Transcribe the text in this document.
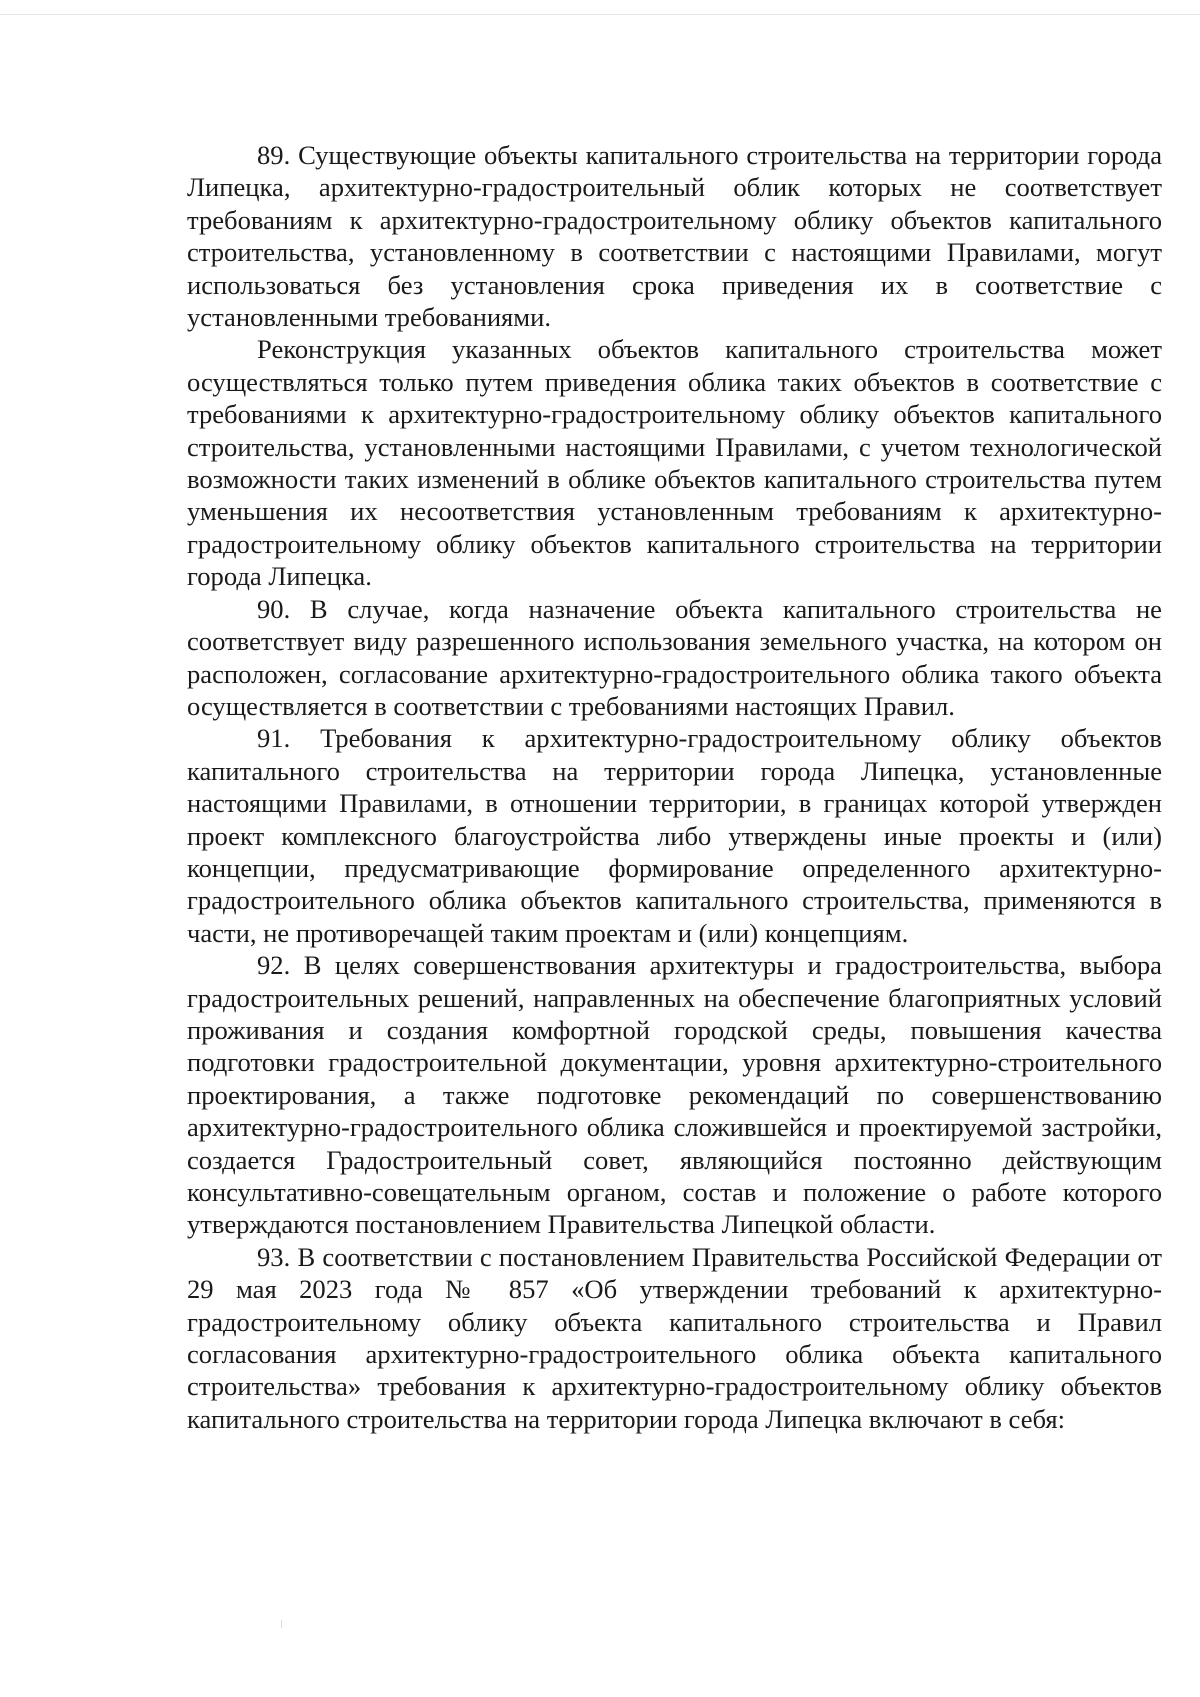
89. Существующие объекты капитального строительства на территории города Липецка, архитектурно-градостроительный облик которых не соответствует требованиям к архитектурно-градостроительному облику объектов капитального строительства, установленному в соответствии с настоящими Правилами, могут использоваться без установления срока приведения их в соответствие с установленными требованиями.

Реконструкция указанных объектов капитального строительства может осуществляться только путем приведения облика таких объектов в соответствие с требованиями к архитектурно-градостроительному облику объектов капитального строительства, установленными настоящими Правилами, с учетом технологической возможности таких изменений в облике объектов капитального строительства путем уменьшения их несоответствия установленным требованиям к архитектурно-градостроительному облику объектов капитального строительства на территории города Липецка.

90. В случае, когда назначение объекта капитального строительства не соответствует виду разрешенного использования земельного участка, на котором он расположен, согласование архитектурно-градостроительного облика такого объекта осуществляется в соответствии с требованиями настоящих Правил.

91. Требования к архитектурно-градостроительному облику объектов капитального строительства на территории города Липецка, установленные настоящими Правилами, в отношении территории, в границах которой утвержден проект комплексного благоустройства либо утверждены иные проекты и (или) концепции, предусматривающие формирование определенного архитектурно-градостроительного облика объектов капитального строительства, применяются в части, не противоречащей таким проектам и (или) концепциям.

92. В целях совершенствования архитектуры и градостроительства, выбора градостроительных решений, направленных на обеспечение благоприятных условий проживания и создания комфортной городской среды, повышения качества подготовки градостроительной документации, уровня архитектурно-строительного проектирования, а также подготовке рекомендаций по совершенствованию архитектурно-градостроительного облика сложившейся и проектируемой застройки, создается Градостроительный совет, являющийся постоянно действующим консультативно-совещательным органом, состав и положение о работе которого утверждаются постановлением Правительства Липецкой области.

93. В соответствии с постановлением Правительства Российской Федерации от 29 мая 2023 года № 857 «Об утверждении требований к архитектурно-градостроительному облику объекта капитального строительства и Правил согласования архитектурно-градостроительного облика объекта капитального строительства» требования к архитектурно-градостроительному облику объектов капитального строительства на территории города Липецка включают в себя:
